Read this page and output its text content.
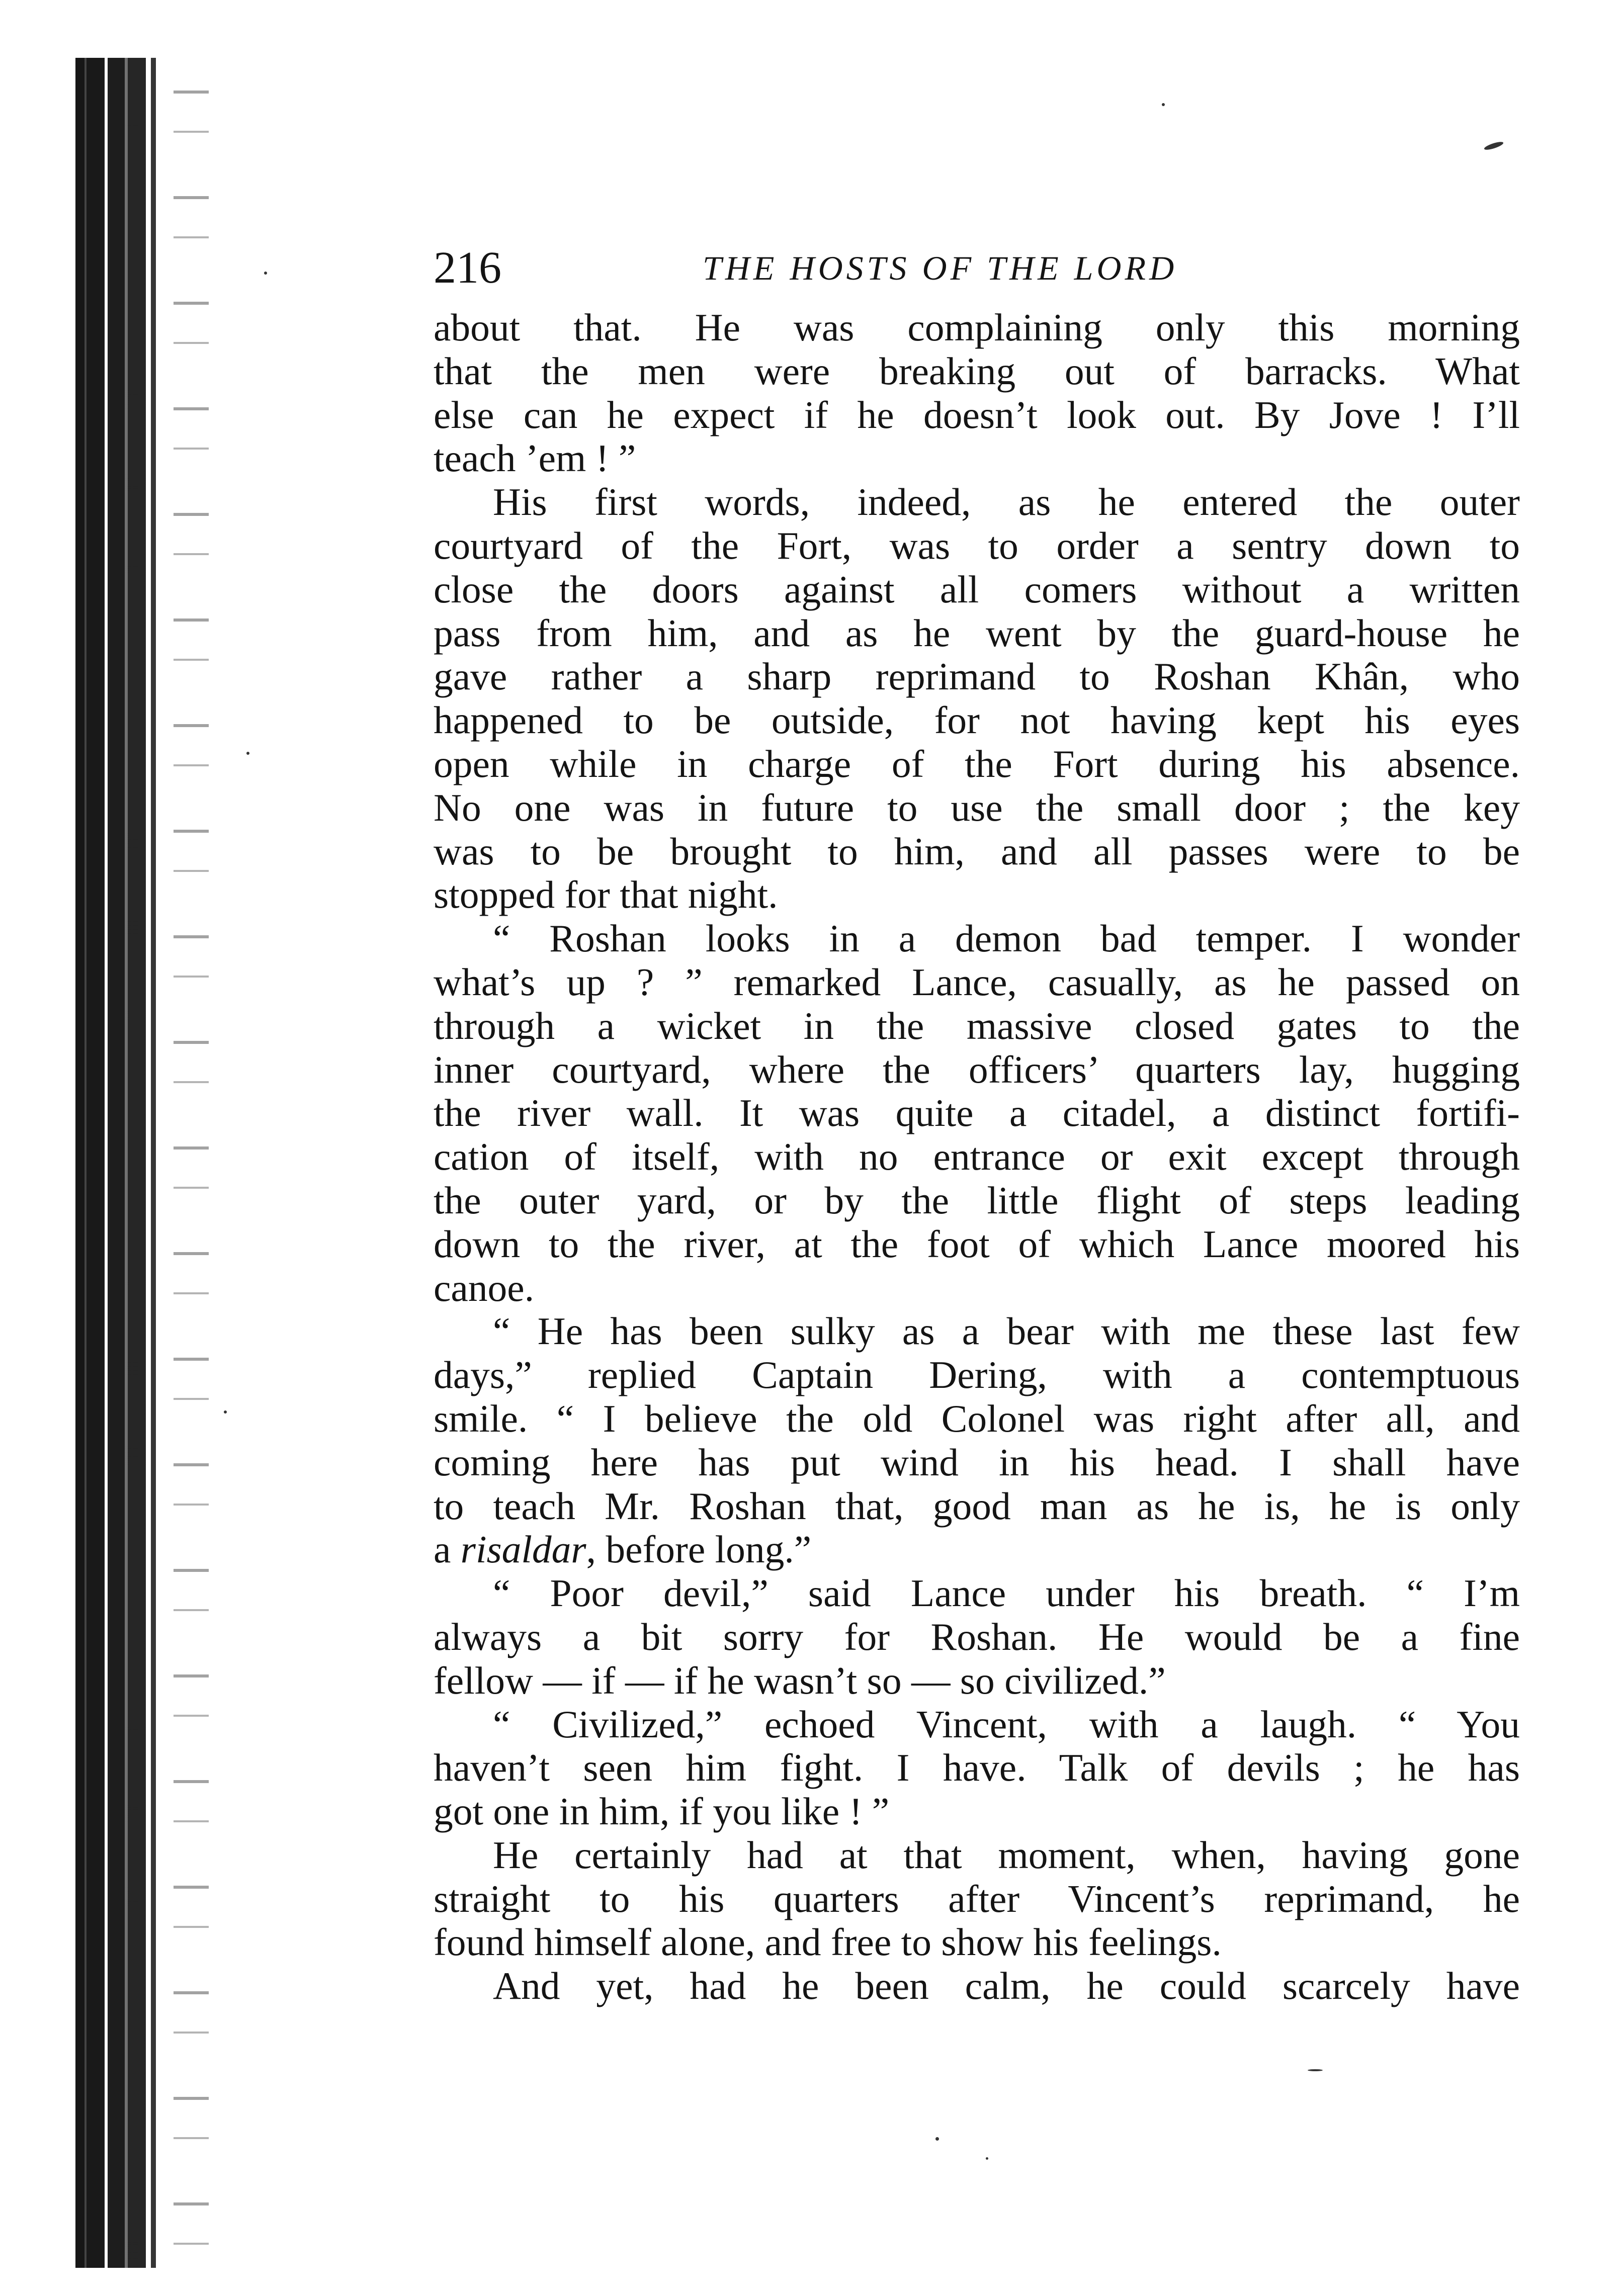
216	THE HOSTS OF THE LORD
about that. He was complaining only this morning
that the men were breaking out of barracks. What
else can he expect if he doesn’t look out. By Jove ! I’ll
teach ’em ! ”
His first words, indeed, as he entered the outer
courtyard of the Fort, was to order a sentry down to
close the doors against all comers without a written
pass from him, and as he went by the guard-house he
gave rather a sharp reprimand to Roshan Khân, who
happened to be outside, for not having kept his eyes
open while in charge of the Fort during his absence.
No one was in future to use the small door ; the key
was to be brought to him, and all passes were to be
stopped for that night.
“ Roshan looks in a demon bad temper. I wonder
what’s up ? ” remarked Lance, casually, as he passed on
through a wicket in the massive closed gates to the
inner courtyard, where the officers’ quarters lay, hugging
the river wall. It was quite a citadel, a distinct fortifi-
cation of itself, with no entrance or exit except through
the outer yard, or by the little flight of steps leading
down to the river, at the foot of which Lance moored his
canoe.
“ He has been sulky as a bear with me these last few
days,” replied Captain Dering, with a contemptuous
smile. “ I believe the old Colonel was right after all, and
coming here has put wind in his head. I shall have
to teach Mr. Roshan that, good man as he is, he is only
a risaldar, before long.”
“ Poor devil,” said Lance under his breath. “ I’m
always a bit sorry for Roshan. He would be a fine
fellow — if — if he wasn’t so — so civilized.”
“ Civilized,” echoed Vincent, with a laugh. “ You
haven’t seen him fight. I have. Talk of devils ; he has
got one in him, if you like ! ”
He certainly had at that moment, when, having gone
straight to his quarters after Vincent’s reprimand, he
found himself alone, and free to show his feelings.
And yet, had he been calm, he could scarcely have
